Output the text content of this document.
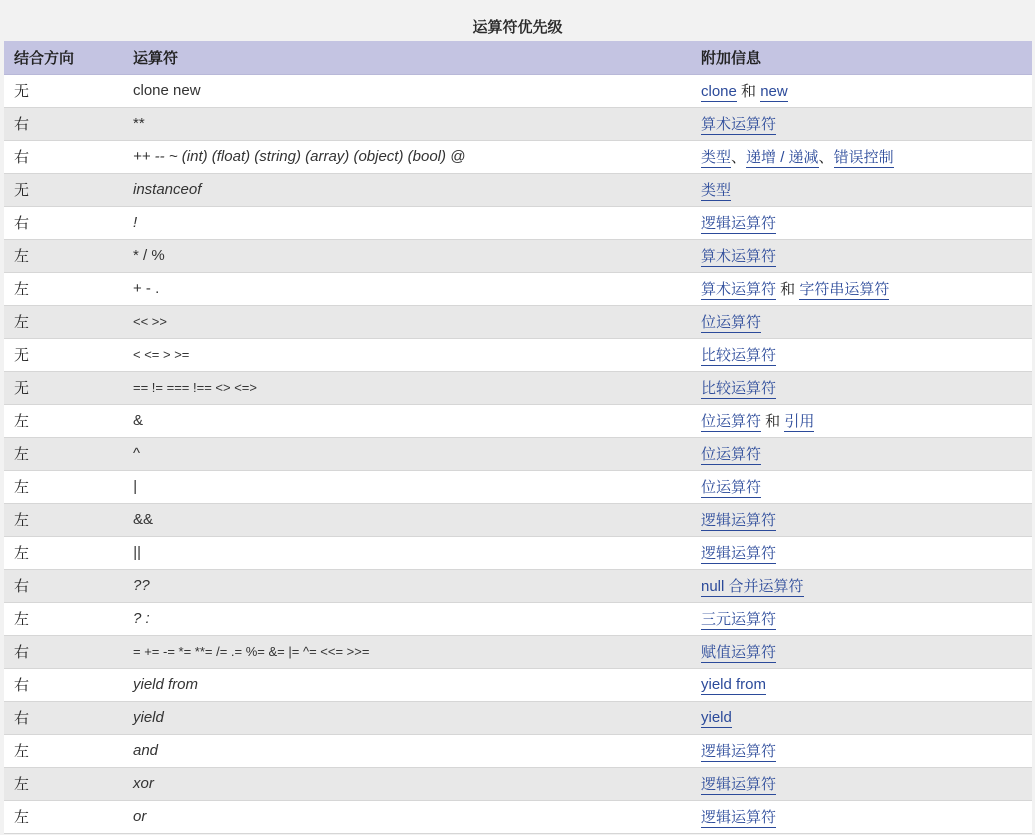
运算符优先级
结合方向	运算符	附加信息
无	clone new	clone 和 new
右	**	算术运算符
右	++ -- ~ (int) (float) (string) (array) (object) (bool) @	类型、递增 / 递减、错误控制
无	instanceof	类型
右	!	逻辑运算符
左	* / %	算术运算符
左	+ - .	算术运算符 和 字符串运算符
左	<< >>	位运算符
无	< <= > >=	比较运算符
无	== != === !== <> <=>	比较运算符
左	&	位运算符 和 引用
左	^	位运算符
左	|	位运算符
左	&&	逻辑运算符
左	||	逻辑运算符
右	??	null 合并运算符
左	? :	三元运算符
右	= += -= *= **= /= .= %= &= |= ^= <<= >>=	赋值运算符
右	yield from	yield from
右	yield	yield
左	and	逻辑运算符
左	xor	逻辑运算符
左	or	逻辑运算符
